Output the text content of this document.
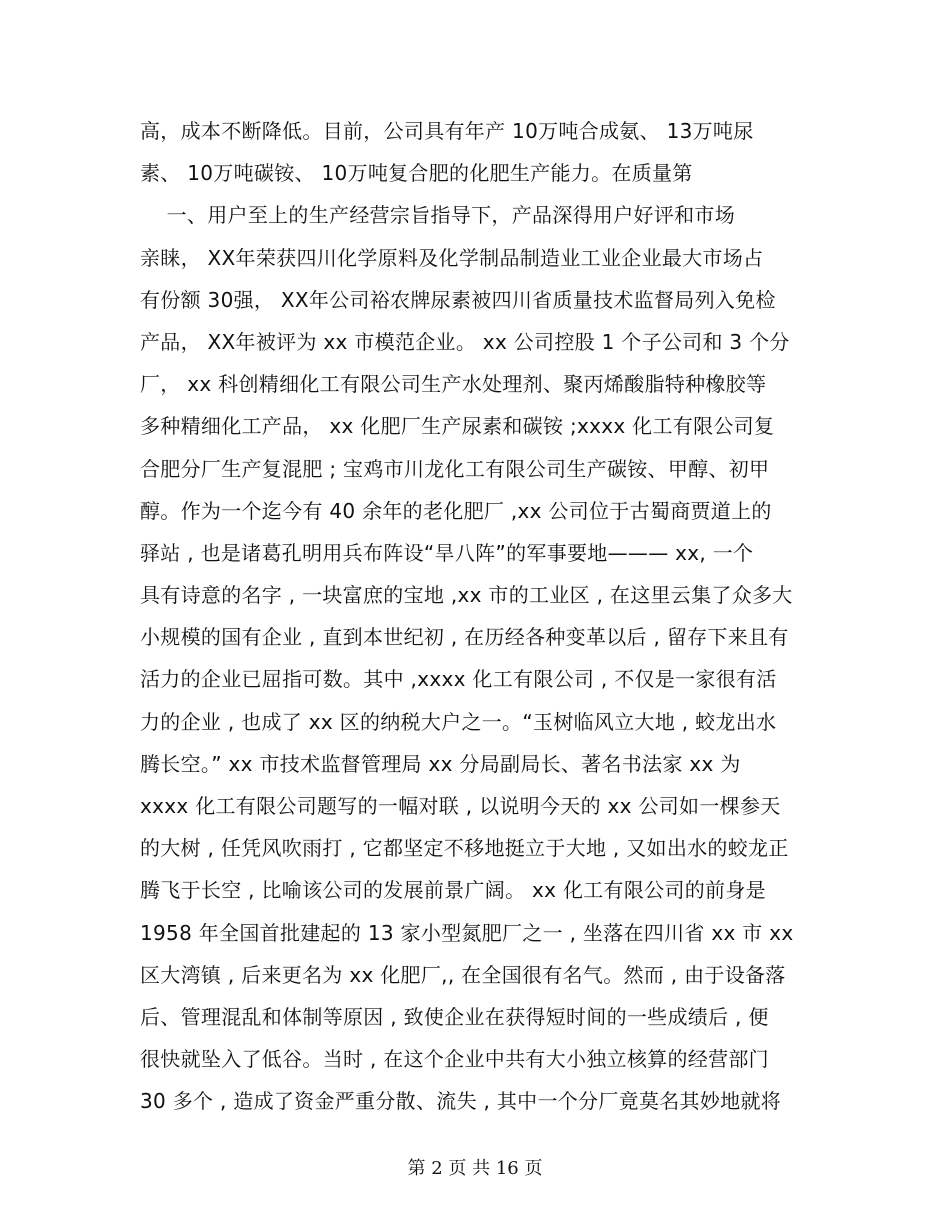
高，成本不断降低。目前，公司具有年产 10万吨合成氨、 13万吨尿
素、 10万吨碳铵、 10万吨复合肥的化肥生产能力。在质量第
一、用户至上的生产经营宗旨指导下，产品深得用户好评和市场
亲睐， XX年荣获四川化学原料及化学制品制造业工业企业最大市场占
有份额 30强， XX年公司裕农牌尿素被四川省质量技术监督局列入免检
产品， XX年被评为 xx 市模范企业。 xx 公司控股 1 个子公司和 3 个分
厂， xx 科创精细化工有限公司生产水处理剂、聚丙烯酸脂特种橡胶等
多种精细化工产品， xx 化肥厂生产尿素和碳铵 ;xxxx 化工有限公司复
合肥分厂生产复混肥 ; 宝鸡市川龙化工有限公司生产碳铵、甲醇、初甲
醇。作为一个迄今有 40 余年的老化肥厂 ,xx 公司位于古蜀商贾道上的
驿站 , 也是诸葛孔明用兵布阵设“旱八阵”的军事要地——— xx, 一个
具有诗意的名字 , 一块富庶的宝地 ,xx 市的工业区 , 在这里云集了众多大
小规模的国有企业 , 直到本世纪初 , 在历经各种变革以后 , 留存下来且有
活力的企业已屈指可数。其中 ,xxxx 化工有限公司 , 不仅是一家很有活
力的企业 , 也成了 xx 区的纳税大户之一。“玉树临风立大地 , 蛟龙出水
腾长空。” xx 市技术监督管理局 xx 分局副局长、著名书法家 xx 为
xxxx 化工有限公司题写的一幅对联 , 以说明今天的 xx 公司如一棵参天
的大树 , 任凭风吹雨打 , 它都坚定不移地挺立于大地 , 又如出水的蛟龙正
腾飞于长空 , 比喻该公司的发展前景广阔。 xx 化工有限公司的前身是
1958 年全国首批建起的 13 家小型氮肥厂之一 , 坐落在四川省 xx 市 xx
区大湾镇 , 后来更名为 xx 化肥厂,, 在全国很有名气。然而 , 由于设备落
后、管理混乱和体制等原因 , 致使企业在获得短时间的一些成绩后 , 便
很快就坠入了低谷。当时 , 在这个企业中共有大小独立核算的经营部门
30 多个 , 造成了资金严重分散、流失 , 其中一个分厂竟莫名其妙地就将
第 2 页 共 16 页
